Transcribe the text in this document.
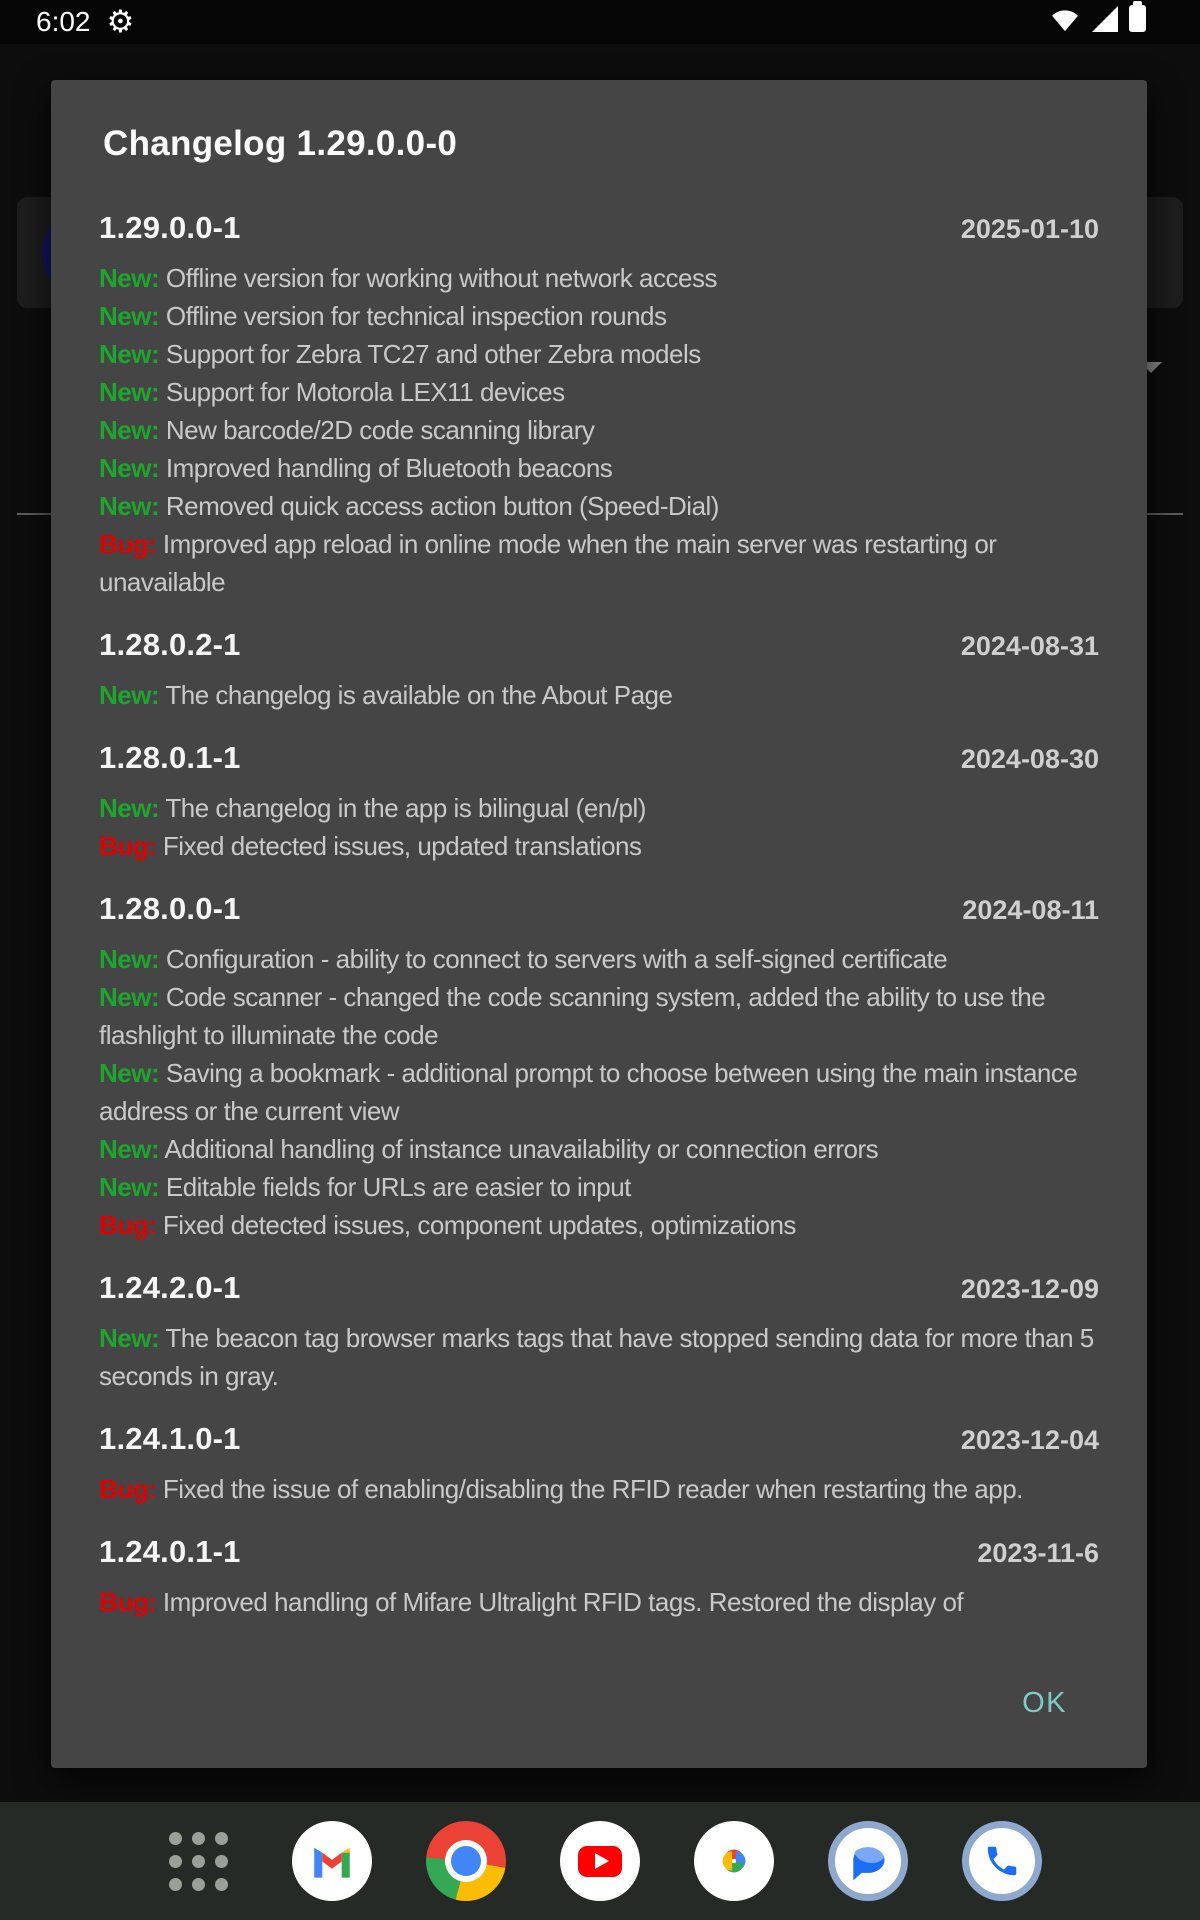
6:02 ⚙
Changelog 1.29.0.0-0
1.29.0.0-1	2025-01-10

New: Offline version for working without network access

New: Offline version for technical inspection rounds

New: Support for Zebra TC27 and other Zebra models

New: Support for Motorola LEX11 devices

New: New barcode/2D code scanning library

New: Improved handling of Bluetooth beacons

New: Removed quick access action button (Speed-Dial)

Bug: Improved app reload in online mode when the main server was restarting or unavailable

1.28.0.2-1	2024-08-31

New: The changelog is available on the About Page

1.28.0.1-1	2024-08-30

New: The changelog in the app is bilingual (en/pl)

Bug: Fixed detected issues, updated translations

1.28.0.0-1	2024-08-11

New: Configuration - ability to connect to servers with a self-signed certificate

New: Code scanner - changed the code scanning system, added the ability to use the flashlight to illuminate the code

New: Saving a bookmark - additional prompt to choose between using the main instance address or the current view

New: Additional handling of instance unavailability or connection errors

New: Editable fields for URLs are easier to input

Bug: Fixed detected issues, component updates, optimizations

1.24.2.0-1	2023-12-09

New: The beacon tag browser marks tags that have stopped sending data for more than 5 seconds in gray.

1.24.1.0-1	2023-12-04

Bug: Fixed the issue of enabling/disabling the RFID reader when restarting the app.

1.24.0.1-1	2023-11-6

Bug: Improved handling of Mifare Ultralight RFID tags. Restored the display of

OK
